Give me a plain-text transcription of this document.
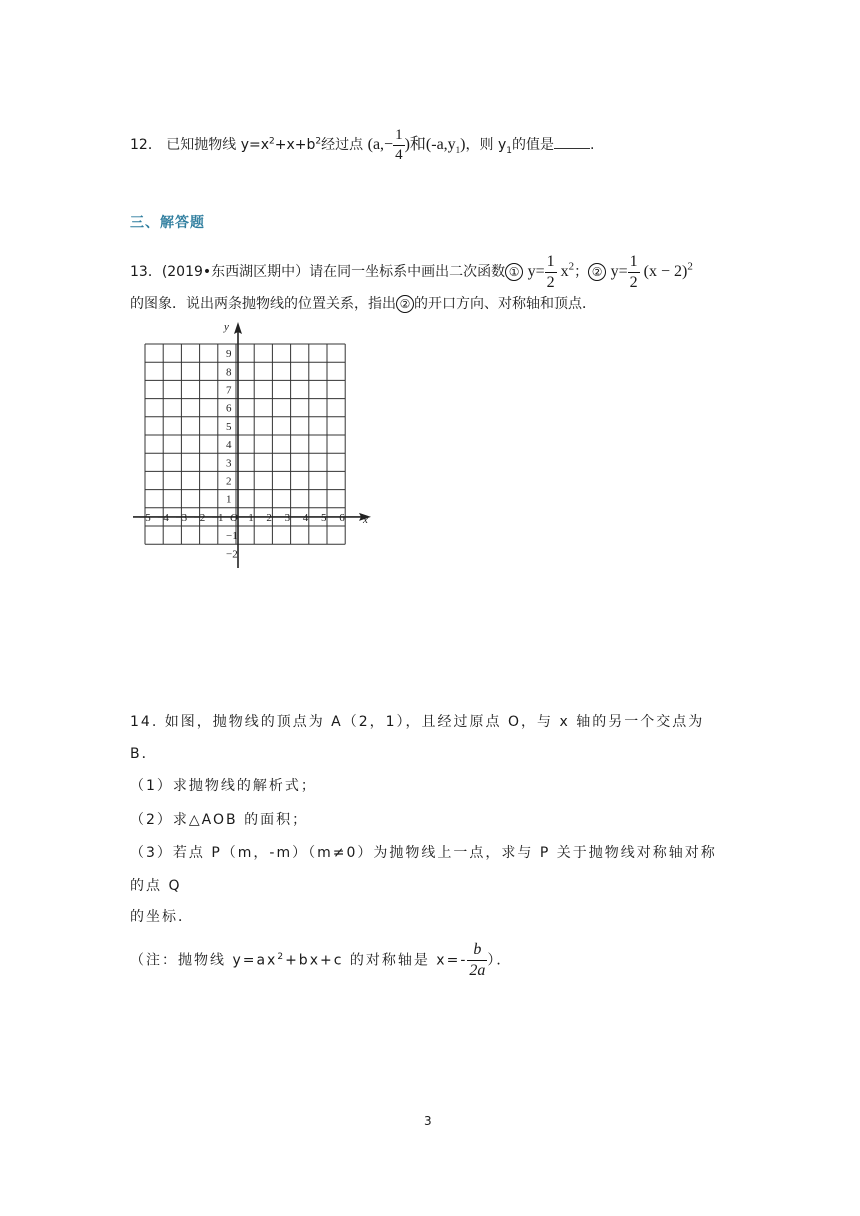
12． 已知抛物线 $y=x^2+x+b^2$经过点 ($a,- \frac{1}{4}$ )和$(-a,y_1)$，则 $y_1$的值是	.
三、解答题
13．(2019•东西湖区期中）请在同一坐标系中画出二次函数 ① $y= \frac{1}{2} x^2$； ② $y= \frac{1}{2} (x - 2)^2$
的图象．说出两条抛物线的位置关系，指出 ② 的开口方向、对称轴和顶点．
−5 −4 −3 −2 −1 1 2 3 4 5 6
9
8
7
6
5
4
3
2
1
−1
−2
O	x
y
14. 如图，抛物线的顶点为 A（2，1），且经过原点 O，与 x 轴的另一个交点为
B．
（1）求抛物线的解析式；
（2）求△AOB 的面积；
（3）若点 P（m，-m）（m≠0）为抛物线上一点，求与 P 关于抛物线对称轴对称
的点 Q
的坐标．
（注：抛物线 $y=ax^2+bx+c$ 的对称轴是 $x=- \frac{b}{2a}$ ）．
3
